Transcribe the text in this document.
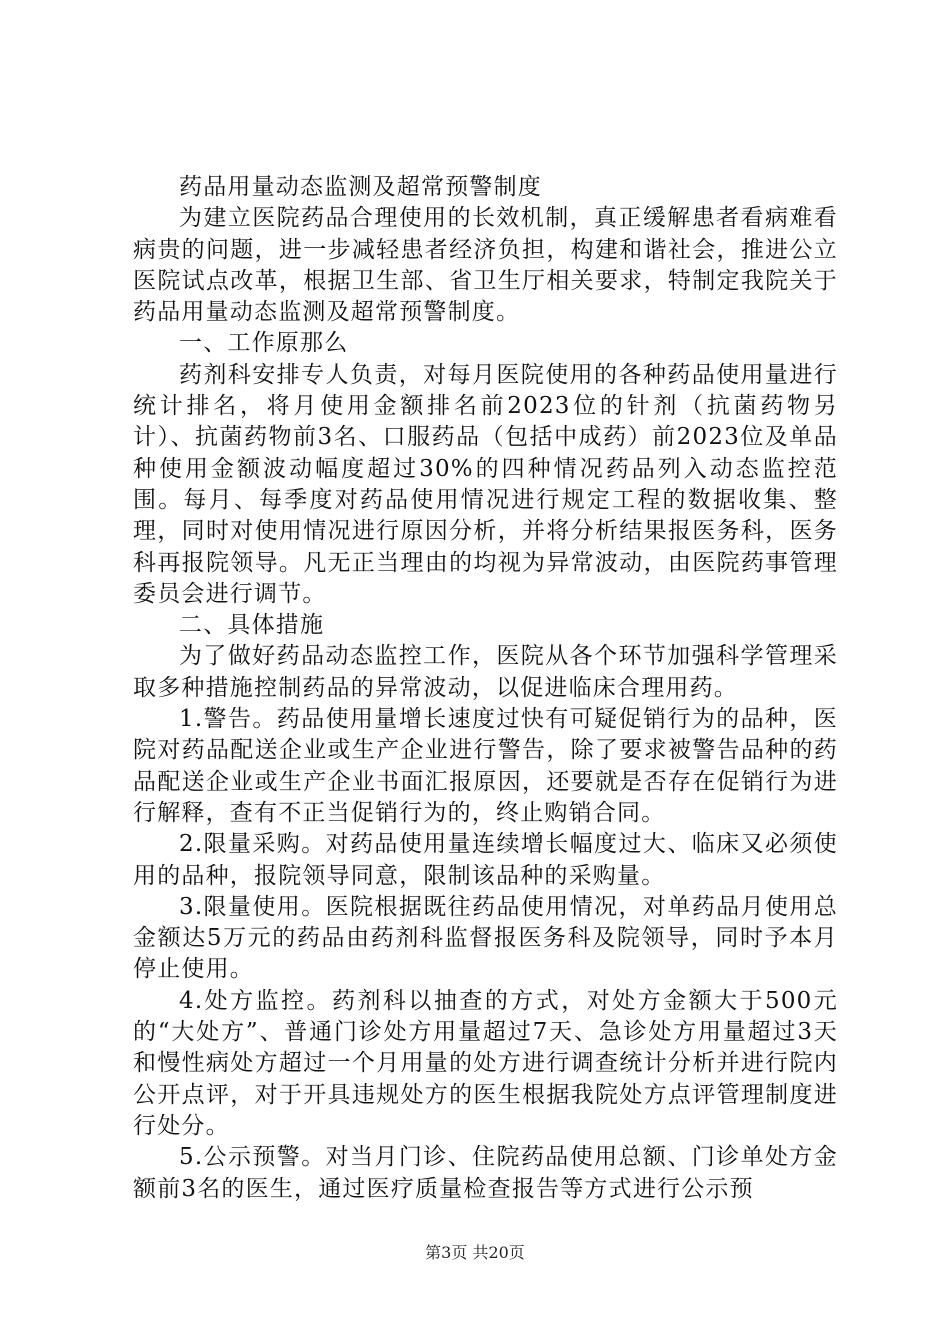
药品用量动态监测及超常预警制度

为建立医院药品合理使用的长效机制，真正缓解患者看病难看病贵的问题，进一步减轻患者经济负担，构建和谐社会，推进公立医院试点改革，根据卫生部、省卫生厅相关要求，特制定我院关于药品用量动态监测及超常预警制度。

一、工作原那么

药剂科安排专人负责，对每月医院使用的各种药品使用量进行统计排名，将月使用金额排名前2023位的针剂（抗菌药物另计）、抗菌药物前3名、口服药品（包括中成药）前2023位及单品种使用金额波动幅度超过30%的四种情况药品列入动态监控范围。每月、每季度对药品使用情况进行规定工程的数据收集、整理，同时对使用情况进行原因分析，并将分析结果报医务科，医务科再报院领导。凡无正当理由的均视为异常波动，由医院药事管理委员会进行调节。

二、具体措施

为了做好药品动态监控工作，医院从各个环节加强科学管理采取多种措施控制药品的异常波动，以促进临床合理用药。

1.警告。药品使用量增长速度过快有可疑促销行为的品种，医院对药品配送企业或生产企业进行警告，除了要求被警告品种的药品配送企业或生产企业书面汇报原因，还要就是否存在促销行为进行解释，查有不正当促销行为的，终止购销合同。

2.限量采购。对药品使用量连续增长幅度过大、临床又必须使用的品种，报院领导同意，限制该品种的采购量。

3.限量使用。医院根据既往药品使用情况，对单药品月使用总金额达5万元的药品由药剂科监督报医务科及院领导，同时予本月停止使用。

4.处方监控。药剂科以抽查的方式，对处方金额大于500元的“大处方”、普通门诊处方用量超过7天、急诊处方用量超过3天和慢性病处方超过一个月用量的处方进行调查统计分析并进行院内公开点评，对于开具违规处方的医生根据我院处方点评管理制度进行处分。

5.公示预警。对当月门诊、住院药品使用总额、门诊单处方金额前3名的医生，通过医疗质量检查报告等方式进行公示预

第3页 共20页
